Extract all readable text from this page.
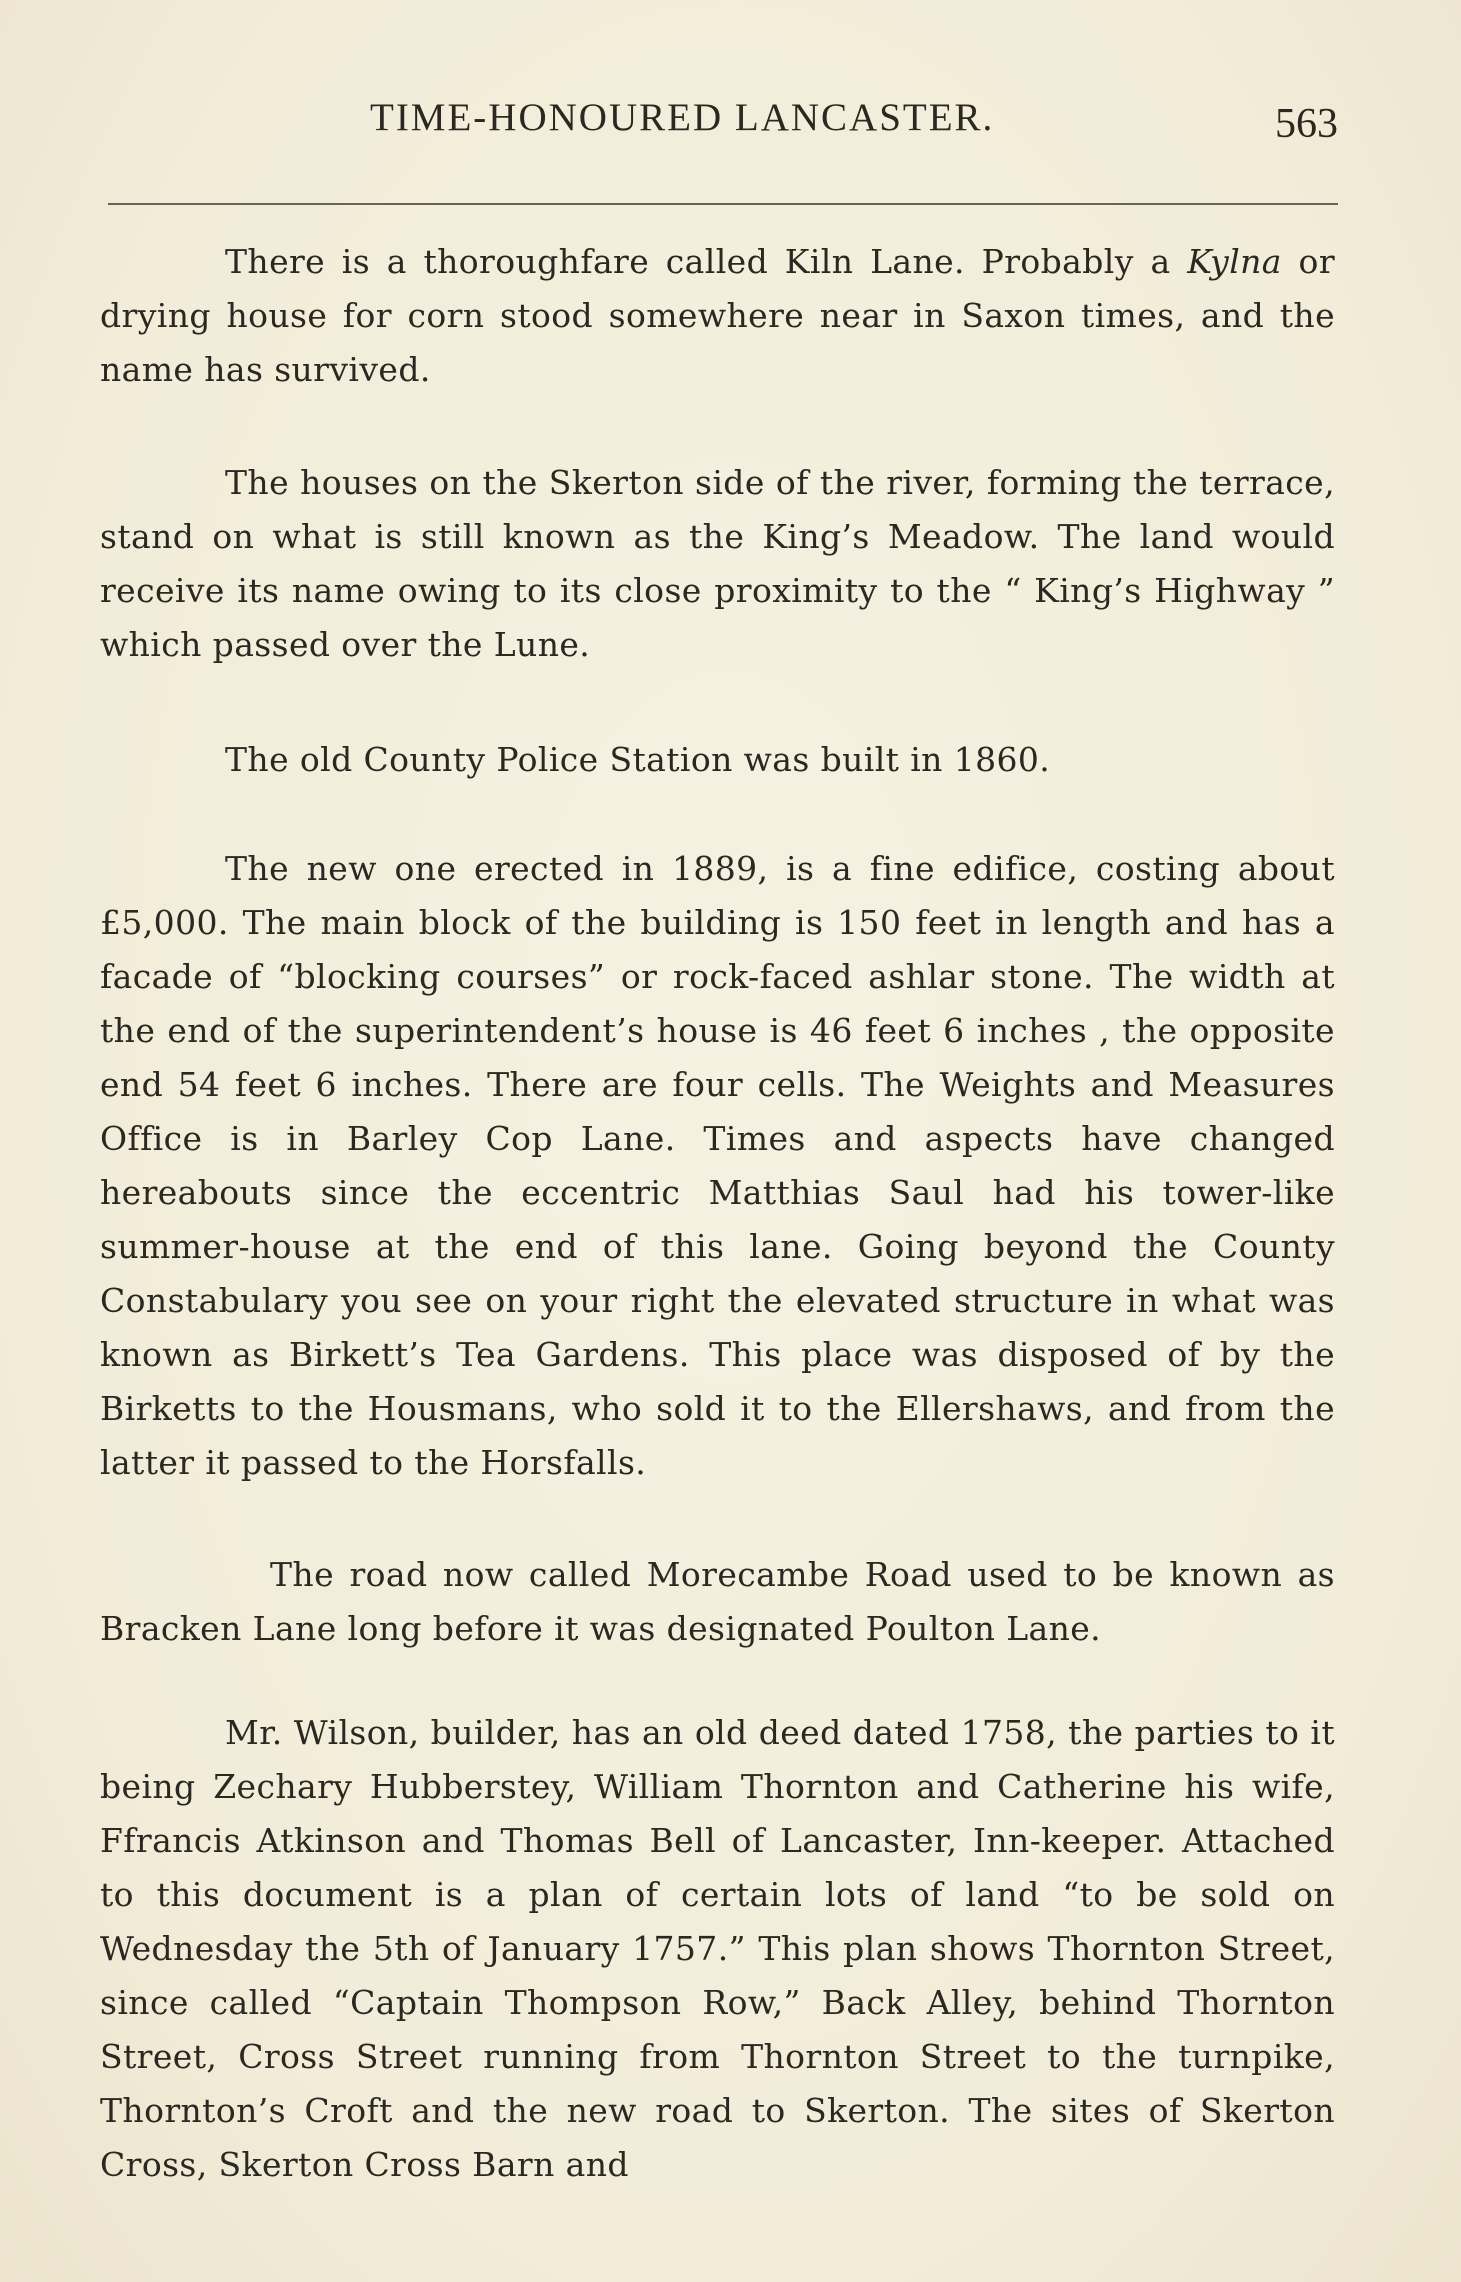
TIME-HONOURED LANCASTER.	563

There is a thoroughfare called Kiln Lane. Probably a Kylna or drying house for corn stood somewhere near in Saxon times, and the name has survived.

The houses on the Skerton side of the river, forming the terrace, stand on what is still known as the King’s Meadow. The land would receive its name owing to its close proximity to the “ King’s Highway ” which passed over the Lune.

The old County Police Station was built in 1860.

The new one erected in 1889, is a fine edifice, costing about £5,000. The main block of the building is 150 feet in length and has a facade of “blocking courses” or rock-faced ashlar stone. The width at the end of the superintendent’s house is 46 feet 6 inches , the opposite end 54 feet 6 inches. There are four cells. The Weights and Measures Office is in Barley Cop Lane. Times and aspects have changed hereabouts since the eccentric Matthias Saul had his tower-like summer-house at the end of this lane. Going beyond the County Constabulary you see on your right the elevated structure in what was known as Birkett’s Tea Gardens. This place was disposed of by the Birketts to the Housmans, who sold it to the Ellershaws, and from the latter it passed to the Horsfalls.

The road now called Morecambe Road used to be known as Bracken Lane long before it was designated Poulton Lane.

Mr. Wilson, builder, has an old deed dated 1758, the parties to it being Zechary Hubberstey, William Thornton and Catherine his wife, Ffrancis Atkinson and Thomas Bell of Lancaster, Inn-keeper. Attached to this document is a plan of certain lots of land “to be sold on Wednesday the 5th of January 1757.” This plan shows Thornton Street, since called “Captain Thompson Row,” Back Alley, behind Thornton Street, Cross Street running from Thornton Street to the turnpike, Thornton’s Croft and the new road to Skerton. The sites of Skerton Cross, Skerton Cross Barn and
